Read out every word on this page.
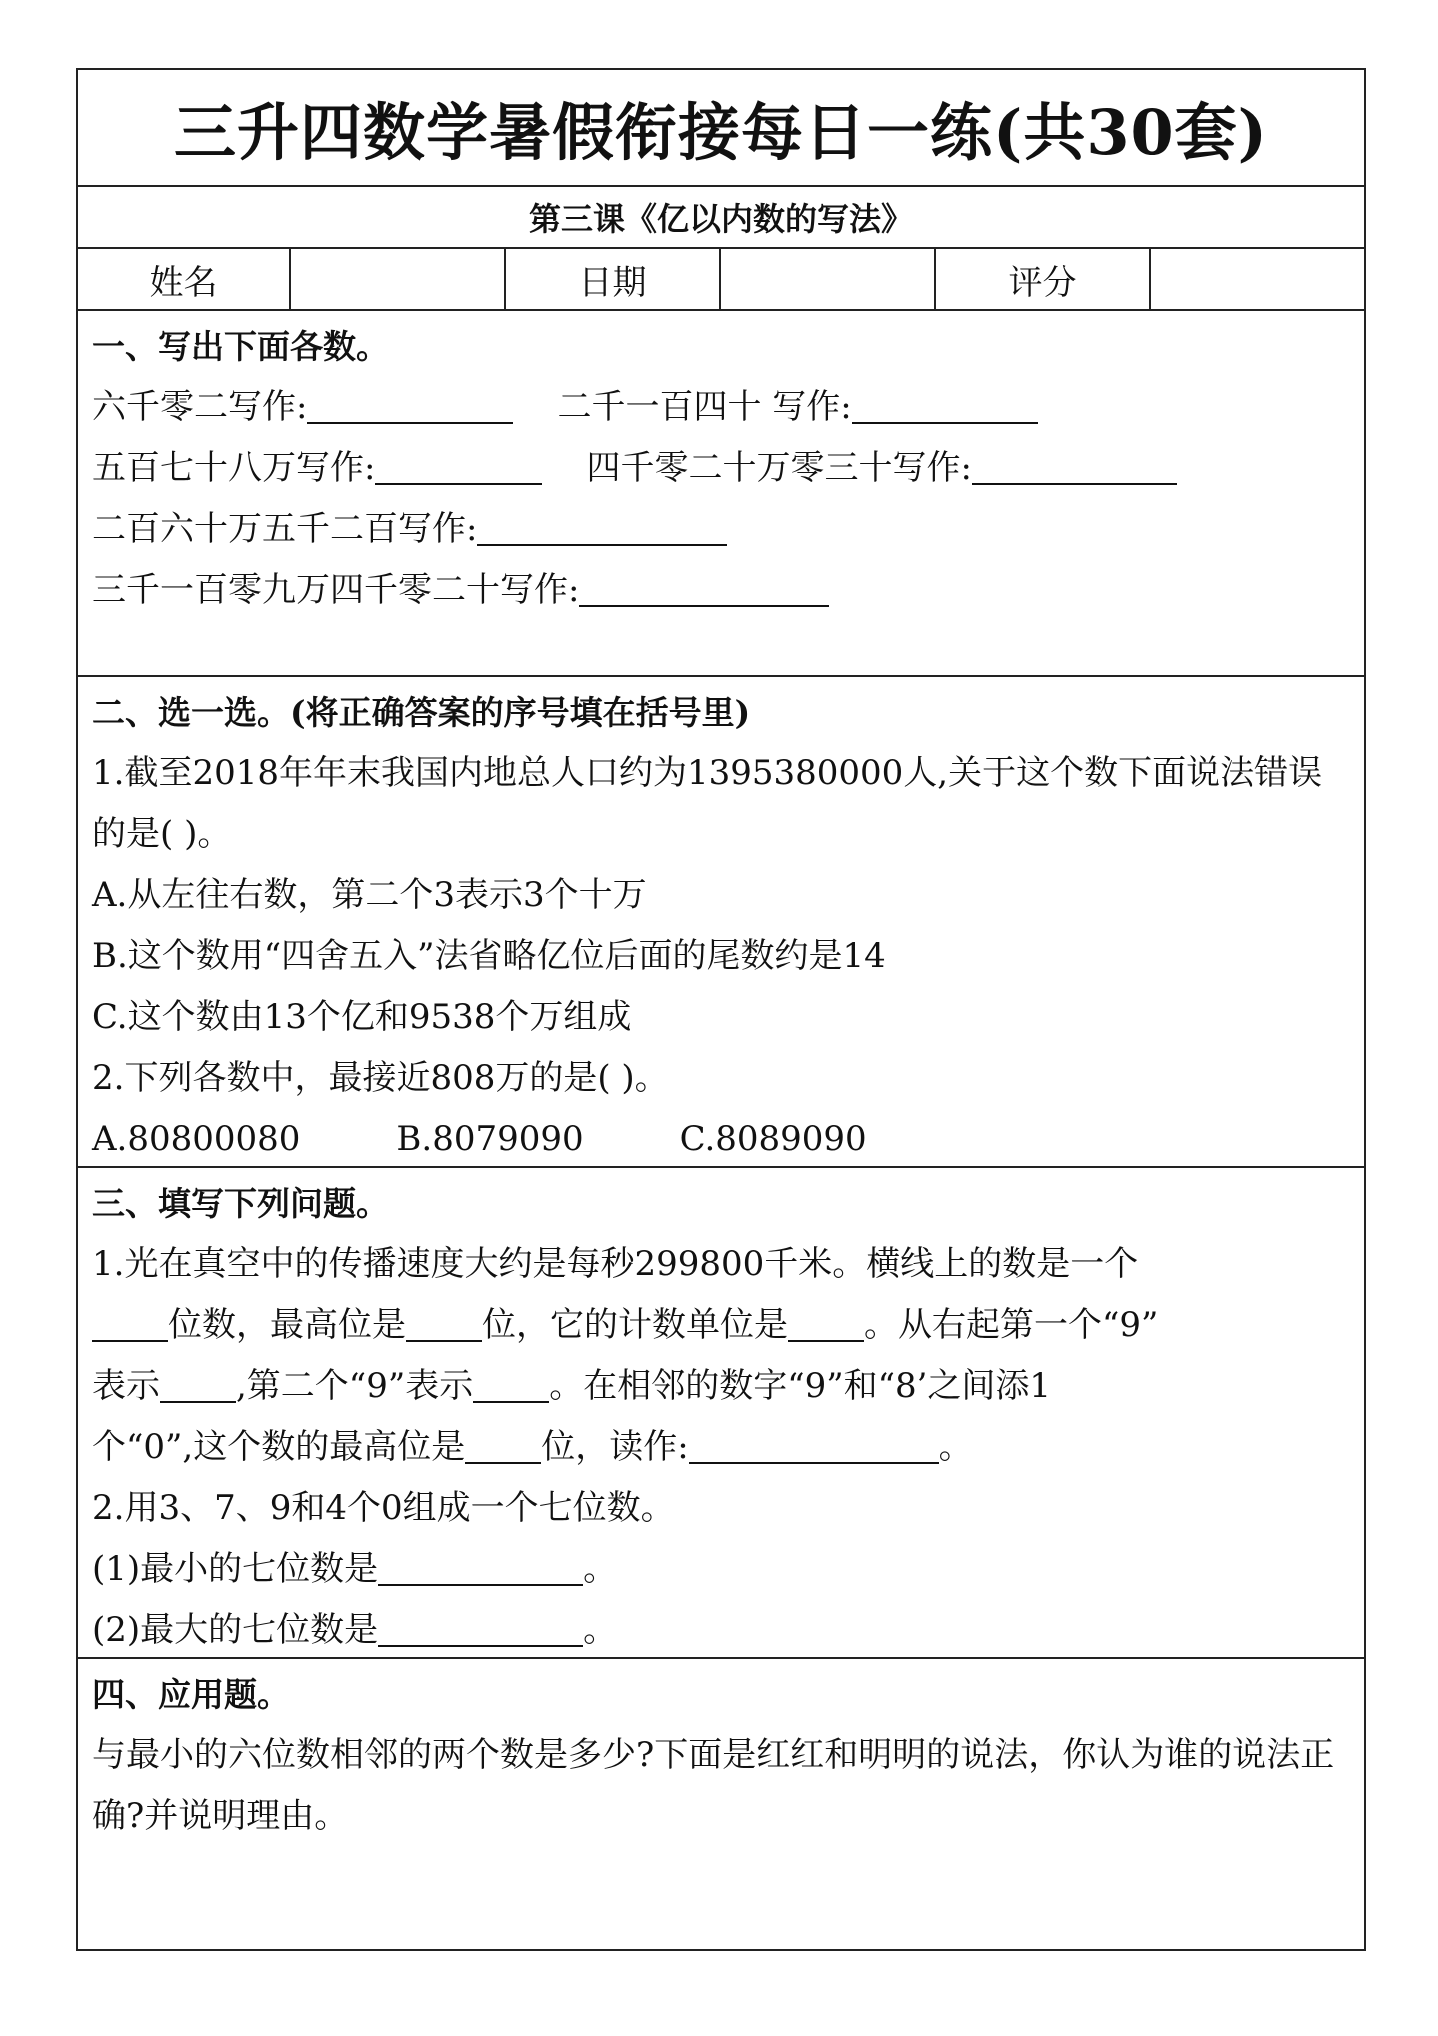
三升四数学暑假衔接每日一练(共30套)
第三课《亿以内数的写法》
姓名	日期	评分
一、写出下面各数。
六千零二写作:	二千一百四十 写作:
五百七十八万写作:	四千零二十万零三十写作:
二百六十万五千二百写作:
三千一百零九万四千零二十写作:
二、选一选。(将正确答案的序号填在括号里)
1.截至2018年年末我国内地总人口约为1395380000人,关于这个数下面说法错误的是( )。
A.从左往右数，第二个3表示3个十万
B.这个数用“四舍五入”法省略亿位后面的尾数约是14
C.这个数由13个亿和9538个万组成
2.下列各数中，最接近808万的是( )。
A.80800080	B.8079090	C.8089090
三、填写下列问题。
1.光在真空中的传播速度大约是每秒299800千米。横线上的数是一个
位数，最高位是 位，它的计数单位是 。从右起第一个“9”
表示 ,第二个“9”表示 。在相邻的数字“9”和“8’之间添1
个“0”,这个数的最高位是 位，读作:	。
2.用3、7、9和4个0组成一个七位数。
(1)最小的七位数是	。
(2)最大的七位数是	。
四、应用题。
与最小的六位数相邻的两个数是多少?下面是红红和明明的说法，你认为谁的说法正确?并说明理由。
